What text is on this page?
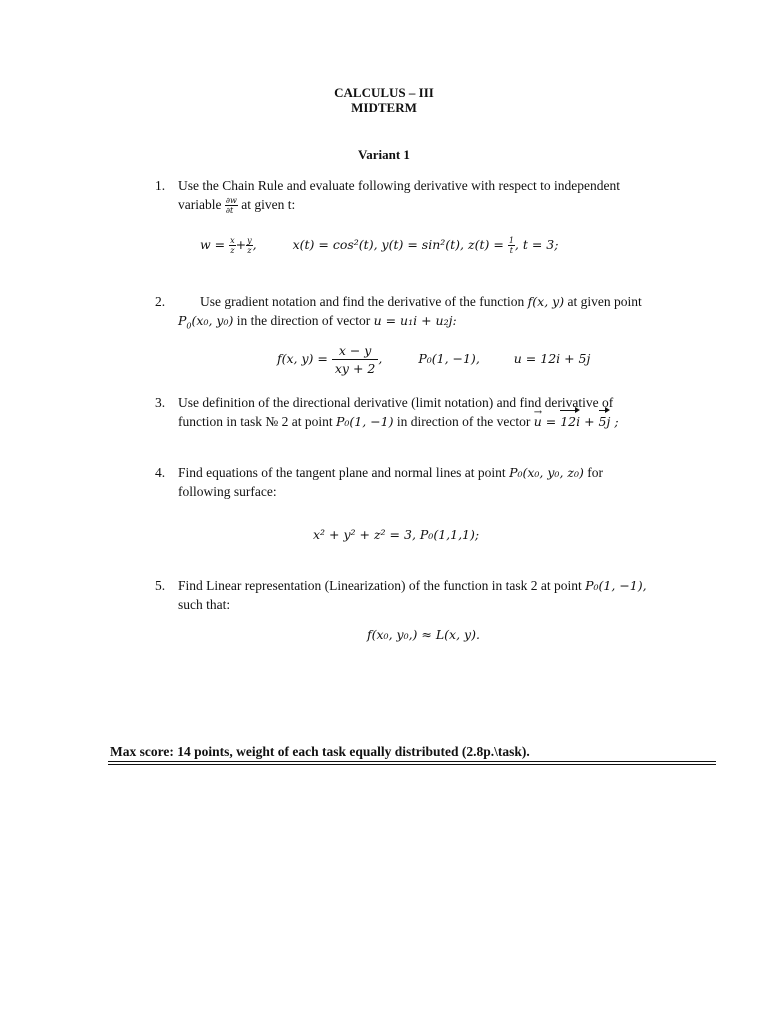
CALCULUS – III
MIDTERM
Variant 1
1. Use the Chain Rule and evaluate following derivative with respect to independent
variable $\frac{\partial w}{\partial t}$ at given t:
$w = \frac{x}{z} + \frac{y}{z}$ ,	x(t) = cos²(t), y(t) = sin²(t), $z(t) = \frac{1}{t}$ , t = 3;
2.	Use gradient notation and find the derivative of the function f(x, y) at given point
$P_0(x_0$, y₀) in the direction of vector u = u₁i + u₂j:
f(x, $y) = \frac{x - y}{xy + 2}$ ,	P₀(1, −1),	u = 12i + 5j
3. Use definition of the directional derivative (limit notation) and find derivative of
function in task № 2 at point P₀(1, −1) in direction of the vector → u = 12i + 5j ;
4. Find equations of the tangent plane and normal lines at point P₀(x₀, y₀, z₀) for
following surface:
x² + y² + z² = 3, P₀(1,1,1);
5. Find Linear representation (Linearization) of the function in task 2 at point P₀(1, −1),
such that:
f(x₀, y₀,) ≈ L(x, y).
Max score: 14 points, weight of each task equally distributed (2.8p.\task).
